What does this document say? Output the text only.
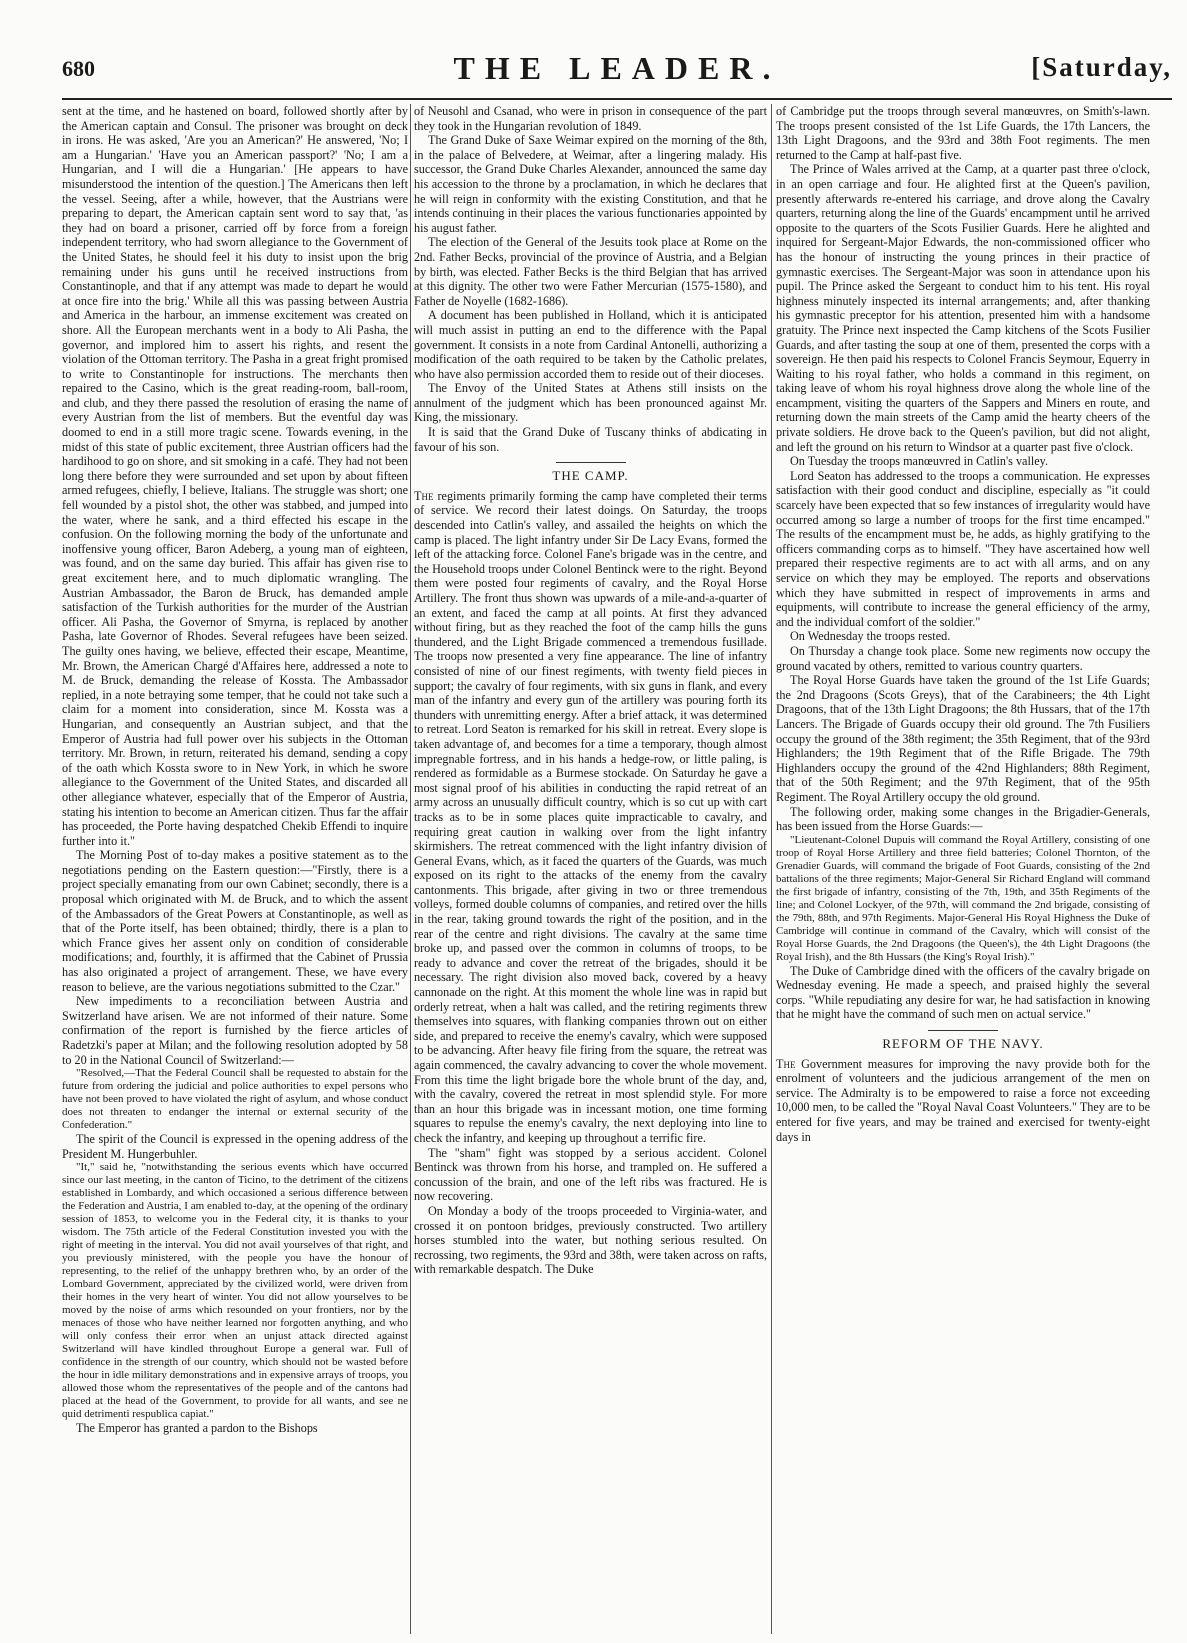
680	THE LEADER.	[Saturday,

sent at the time, and he hastened on board, followed shortly after by the American captain and Consul. The prisoner was brought on deck in irons. He was asked, 'Are you an American?' He answered, 'No; I am a Hungarian.' 'Have you an American passport?' 'No; I am a Hungarian, and I will die a Hungarian.' [He appears to have misunderstood the intention of the question.] The Americans then left the vessel. Seeing, after a while, however, that the Austrians were preparing to depart, the American captain sent word to say that, 'as they had on board a prisoner, carried off by force from a foreign independent territory, who had sworn allegiance to the Government of the United States, he should feel it his duty to insist upon the brig remaining under his guns until he received instructions from Constantinople, and that if any attempt was made to depart he would at once fire into the brig.' While all this was passing between Austria and America in the harbour, an immense excitement was created on shore. All the European merchants went in a body to Ali Pasha, the governor, and implored him to assert his rights, and resent the violation of the Ottoman territory. The Pasha in a great fright promised to write to Constantinople for instructions. The merchants then repaired to the Casino, which is the great reading-room, ball-room, and club, and they there passed the resolution of erasing the name of every Austrian from the list of members. But the eventful day was doomed to end in a still more tragic scene. Towards evening, in the midst of this state of public excitement, three Austrian officers had the hardihood to go on shore, and sit smoking in a café. They had not been long there before they were surrounded and set upon by about fifteen armed refugees, chiefly, I believe, Italians. The struggle was short; one fell wounded by a pistol shot, the other was stabbed, and jumped into the water, where he sank, and a third effected his escape in the confusion. On the following morning the body of the unfortunate and inoffensive young officer, Baron Adeberg, a young man of eighteen, was found, and on the same day buried. This affair has given rise to great excitement here, and to much diplomatic wrangling. The Austrian Ambassador, the Baron de Bruck, has demanded ample satisfaction of the Turkish authorities for the murder of the Austrian officer. Ali Pasha, the Governor of Smyrna, is replaced by another Pasha, late Governor of Rhodes. Several refugees have been seized. The guilty ones having, we believe, effected their escape, Meantime, Mr. Brown, the American Chargé d'Affaires here, addressed a note to M. de Bruck, demanding the release of Kossta. The Ambassador replied, in a note betraying some temper, that he could not take such a claim for a moment into consideration, since M. Kossta was a Hungarian, and consequently an Austrian subject, and that the Emperor of Austria had full power over his subjects in the Ottoman territory. Mr. Brown, in return, reiterated his demand, sending a copy of the oath which Kossta swore to in New York, in which he swore allegiance to the Government of the United States, and discarded all other allegiance whatever, especially that of the Emperor of Austria, stating his intention to become an American citizen. Thus far the affair has proceeded, the Porte having despatched Chekib Effendi to inquire further into it."

The Morning Post of to-day makes a positive statement as to the negotiations pending on the Eastern question:—"Firstly, there is a project specially emanating from our own Cabinet; secondly, there is a proposal which originated with M. de Bruck, and to which the assent of the Ambassadors of the Great Powers at Constantinople, as well as that of the Porte itself, has been obtained; thirdly, there is a plan to which France gives her assent only on condition of considerable modifications; and, fourthly, it is affirmed that the Cabinet of Prussia has also originated a project of arrangement. These, we have every reason to believe, are the various negotiations submitted to the Czar."

New impediments to a reconciliation between Austria and Switzerland have arisen. We are not informed of their nature. Some confirmation of the report is furnished by the fierce articles of Radetzki's paper at Milan; and the following resolution adopted by 58 to 20 in the National Council of Switzerland:—

"Resolved,—That the Federal Council shall be requested to abstain for the future from ordering the judicial and police authorities to expel persons who have not been proved to have violated the right of asylum, and whose conduct does not threaten to endanger the internal or external security of the Confederation."

The spirit of the Council is expressed in the opening address of the President M. Hungerbuhler.

"It," said he, "notwithstanding the serious events which have occurred since our last meeting, in the canton of Ticino, to the detriment of the citizens established in Lombardy, and which occasioned a serious difference between the Federation and Austria, I am enabled to-day, at the opening of the ordinary session of 1853, to welcome you in the Federal city, it is thanks to your wisdom. The 75th article of the Federal Constitution invested you with the right of meeting in the interval. You did not avail yourselves of that right, and you previously ministered, with the people you have the honour of representing, to the relief of the unhappy brethren who, by an order of the Lombard Government, appreciated by the civilized world, were driven from their homes in the very heart of winter. You did not allow yourselves to be moved by the noise of arms which resounded on your frontiers, nor by the menaces of those who have neither learned nor forgotten anything, and who will only confess their error when an unjust attack directed against Switzerland will have kindled throughout Europe a general war. Full of confidence in the strength of our country, which should not be wasted before the hour in idle military demonstrations and in expensive arrays of troops, you allowed those whom the representatives of the people and of the cantons had placed at the head of the Government, to provide for all wants, and see ne quid detrimenti respublica capiat."

The Emperor has granted a pardon to the Bishops

of Neusohl and Csanad, who were in prison in consequence of the part they took in the Hungarian revolution of 1849.

The Grand Duke of Saxe Weimar expired on the morning of the 8th, in the palace of Belvedere, at Weimar, after a lingering malady. His successor, the Grand Duke Charles Alexander, announced the same day his accession to the throne by a proclamation, in which he declares that he will reign in conformity with the existing Constitution, and that he intends continuing in their places the various functionaries appointed by his august father.

The election of the General of the Jesuits took place at Rome on the 2nd. Father Becks, provincial of the province of Austria, and a Belgian by birth, was elected. Father Becks is the third Belgian that has arrived at this dignity. The other two were Father Mercurian (1575-1580), and Father de Noyelle (1682-1686).

A document has been published in Holland, which it is anticipated will much assist in putting an end to the difference with the Papal government. It consists in a note from Cardinal Antonelli, authorizing a modification of the oath required to be taken by the Catholic prelates, who have also permission accorded them to reside out of their dioceses.

The Envoy of the United States at Athens still insists on the annulment of the judgment which has been pronounced against Mr. King, the missionary.

It is said that the Grand Duke of Tuscany thinks of abdicating in favour of his son.

THE CAMP.

The regiments primarily forming the camp have completed their terms of service. We record their latest doings. On Saturday, the troops descended into Catlin's valley, and assailed the heights on which the camp is placed. The light infantry under Sir De Lacy Evans, formed the left of the attacking force. Colonel Fane's brigade was in the centre, and the Household troops under Colonel Bentinck were to the right. Beyond them were posted four regiments of cavalry, and the Royal Horse Artillery. The front thus shown was upwards of a mile-and-a-quarter of an extent, and faced the camp at all points. At first they advanced without firing, but as they reached the foot of the camp hills the guns thundered, and the Light Brigade commenced a tremendous fusillade. The troops now presented a very fine appearance. The line of infantry consisted of nine of our finest regiments, with twenty field pieces in support; the cavalry of four regiments, with six guns in flank, and every man of the infantry and every gun of the artillery was pouring forth its thunders with unremitting energy. After a brief attack, it was determined to retreat. Lord Seaton is remarked for his skill in retreat. Every slope is taken advantage of, and becomes for a time a temporary, though almost impregnable fortress, and in his hands a hedge-row, or little paling, is rendered as formidable as a Burmese stockade. On Saturday he gave a most signal proof of his abilities in conducting the rapid retreat of an army across an unusually difficult country, which is so cut up with cart tracks as to be in some places quite impracticable to cavalry, and requiring great caution in walking over from the light infantry skirmishers. The retreat commenced with the light infantry division of General Evans, which, as it faced the quarters of the Guards, was much exposed on its right to the attacks of the enemy from the cavalry cantonments. This brigade, after giving in two or three tremendous volleys, formed double columns of companies, and retired over the hills in the rear, taking ground towards the right of the position, and in the rear of the centre and right divisions. The cavalry at the same time broke up, and passed over the common in columns of troops, to be ready to advance and cover the retreat of the brigades, should it be necessary. The right division also moved back, covered by a heavy cannonade on the right. At this moment the whole line was in rapid but orderly retreat, when a halt was called, and the retiring regiments threw themselves into squares, with flanking companies thrown out on either side, and prepared to receive the enemy's cavalry, which were supposed to be advancing. After heavy file firing from the square, the retreat was again commenced, the cavalry advancing to cover the whole movement. From this time the light brigade bore the whole brunt of the day, and, with the cavalry, covered the retreat in most splendid style. For more than an hour this brigade was in incessant motion, one time forming squares to repulse the enemy's cavalry, the next deploying into line to check the infantry, and keeping up throughout a terrific fire.

The "sham" fight was stopped by a serious accident. Colonel Bentinck was thrown from his horse, and trampled on. He suffered a concussion of the brain, and one of the left ribs was fractured. He is now recovering.

On Monday a body of the troops proceeded to Virginia-water, and crossed it on pontoon bridges, previously constructed. Two artillery horses stumbled into the water, but nothing serious resulted. On recrossing, two regiments, the 93rd and 38th, were taken across on rafts, with remarkable despatch. The Duke

of Cambridge put the troops through several manœuvres, on Smith's-lawn. The troops present consisted of the 1st Life Guards, the 17th Lancers, the 13th Light Dragoons, and the 93rd and 38th Foot regiments. The men returned to the Camp at half-past five.

The Prince of Wales arrived at the Camp, at a quarter past three o'clock, in an open carriage and four. He alighted first at the Queen's pavilion, presently afterwards re-entered his carriage, and drove along the Cavalry quarters, returning along the line of the Guards' encampment until he arrived opposite to the quarters of the Scots Fusilier Guards. Here he alighted and inquired for Sergeant-Major Edwards, the non-commissioned officer who has the honour of instructing the young princes in their practice of gymnastic exercises. The Sergeant-Major was soon in attendance upon his pupil. The Prince asked the Sergeant to conduct him to his tent. His royal highness minutely inspected its internal arrangements; and, after thanking his gymnastic preceptor for his attention, presented him with a handsome gratuity. The Prince next inspected the Camp kitchens of the Scots Fusilier Guards, and after tasting the soup at one of them, presented the corps with a sovereign. He then paid his respects to Colonel Francis Seymour, Equerry in Waiting to his royal father, who holds a command in this regiment, on taking leave of whom his royal highness drove along the whole line of the encampment, visiting the quarters of the Sappers and Miners en route, and returning down the main streets of the Camp amid the hearty cheers of the private soldiers. He drove back to the Queen's pavilion, but did not alight, and left the ground on his return to Windsor at a quarter past five o'clock.

On Tuesday the troops manœuvred in Catlin's valley.

Lord Seaton has addressed to the troops a communication. He expresses satisfaction with their good conduct and discipline, especially as "it could scarcely have been expected that so few instances of irregularity would have occurred among so large a number of troops for the first time encamped." The results of the encampment must be, he adds, as highly gratifying to the officers commanding corps as to himself. "They have ascertained how well prepared their respective regiments are to act with all arms, and on any service on which they may be employed. The reports and observations which they have submitted in respect of improvements in arms and equipments, will contribute to increase the general efficiency of the army, and the individual comfort of the soldier."

On Wednesday the troops rested.

On Thursday a change took place. Some new regiments now occupy the ground vacated by others, remitted to various country quarters.

The Royal Horse Guards have taken the ground of the 1st Life Guards; the 2nd Dragoons (Scots Greys), that of the Carabineers; the 4th Light Dragoons, that of the 13th Light Dragoons; the 8th Hussars, that of the 17th Lancers. The Brigade of Guards occupy their old ground. The 7th Fusiliers occupy the ground of the 38th regiment; the 35th Regiment, that of the 93rd Highlanders; the 19th Regiment that of the Rifle Brigade. The 79th Highlanders occupy the ground of the 42nd Highlanders; 88th Regiment, that of the 50th Regiment; and the 97th Regiment, that of the 95th Regiment. The Royal Artillery occupy the old ground.

The following order, making some changes in the Brigadier-Generals, has been issued from the Horse Guards:—

"Lieutenant-Colonel Dupuis will command the Royal Artillery, consisting of one troop of Royal Horse Artillery and three field batteries; Colonel Thornton, of the Grenadier Guards, will command the brigade of Foot Guards, consisting of the 2nd battalions of the three regiments; Major-General Sir Richard England will command the first brigade of infantry, consisting of the 7th, 19th, and 35th Regiments of the line; and Colonel Lockyer, of the 97th, will command the 2nd brigade, consisting of the 79th, 88th, and 97th Regiments. Major-General His Royal Highness the Duke of Cambridge will continue in command of the Cavalry, which will consist of the Royal Horse Guards, the 2nd Dragoons (the Queen's), the 4th Light Dragoons (the Royal Irish), and the 8th Hussars (the King's Royal Irish)."

The Duke of Cambridge dined with the officers of the cavalry brigade on Wednesday evening. He made a speech, and praised highly the several corps. "While repudiating any desire for war, he had satisfaction in knowing that he might have the command of such men on actual service."

REFORM OF THE NAVY.

The Government measures for improving the navy provide both for the enrolment of volunteers and the judicious arrangement of the men on service. The Admiralty is to be empowered to raise a force not exceeding 10,000 men, to be called the "Royal Naval Coast Volunteers." They are to be entered for five years, and may be trained and exercised for twenty-eight days in
